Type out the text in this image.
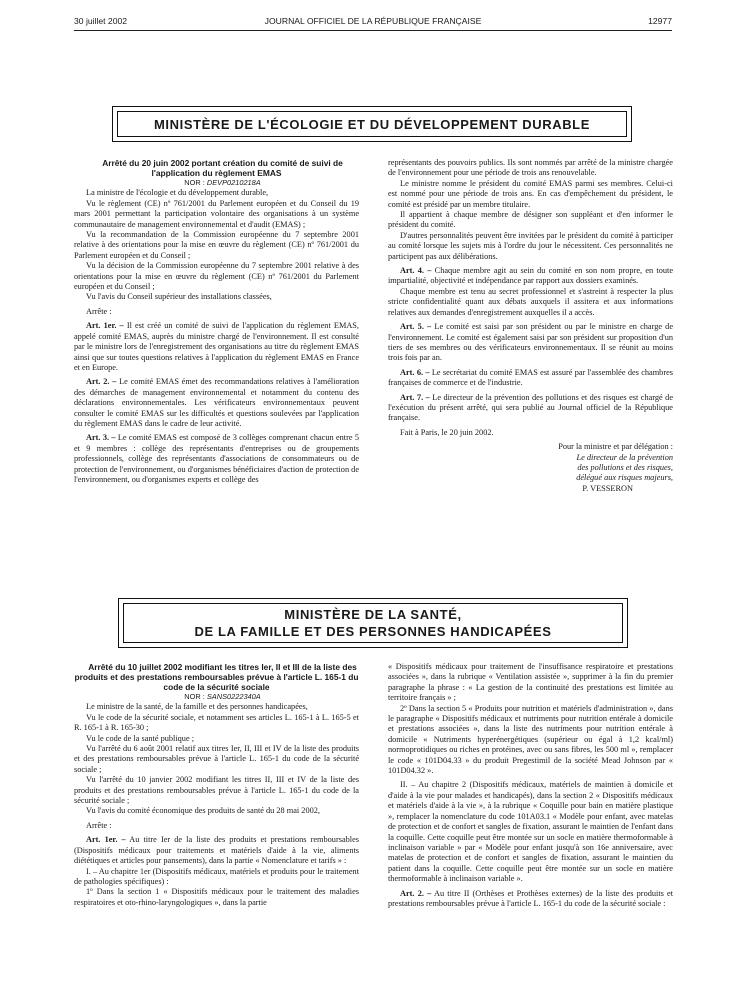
30 juillet 2002	JOURNAL OFFICIEL DE LA RÉPUBLIQUE FRANÇAISE	12977
MINISTÈRE DE L'ÉCOLOGIE ET DU DÉVELOPPEMENT DURABLE

Arrêté du 20 juin 2002 portant création du comité de suivi de l'application du règlement EMAS

NOR : DEVP0210218A

La ministre de l'écologie et du développement durable,

Vu le règlement (CE) nº 761/2001 du Parlement européen et du Conseil du 19 mars 2001 permettant la participation volontaire des organisations à un système communautaire de management environnemental et d'audit (EMAS) ;

Vu la recommandation de la Commission européenne du 7 septembre 2001 relative à des orientations pour la mise en œuvre du règlement (CE) nº 761/2001 du Parlement européen et du Conseil ;

Vu la décision de la Commission européenne du 7 septembre 2001 relative à des orientations pour la mise en œuvre du règlement (CE) nº 761/2001 du Parlement européen et du Conseil ;

Vu l'avis du Conseil supérieur des installations classées,

Arrête :

Art. 1er. – Il est créé un comité de suivi de l'application du règlement EMAS, appelé comité EMAS, auprès du ministre chargé de l'environnement. Il est consulté par le ministre lors de l'enregistrement des organisations au titre du règlement EMAS ainsi que sur toutes questions relatives à l'application du règlement EMAS en France et en Europe.

Art. 2. – Le comité EMAS émet des recommandations relatives à l'amélioration des démarches de management environnemental et notamment du contenu des déclarations environnementales. Les vérificateurs environnementaux peuvent consulter le comité EMAS sur les difficultés et questions soulevées par l'application du règlement EMAS dans le cadre de leur activité.

Art. 3. – Le comité EMAS est composé de 3 collèges comprenant chacun entre 5 et 9 membres : collège des représentants d'entreprises ou de groupements professionnels, collège des représentants d'associations de consommateurs ou de protection de l'environnement, ou d'organismes bénéficiaires d'action de protection de l'environnement, ou d'organismes experts et collège des

représentants des pouvoirs publics. Ils sont nommés par arrêté de la ministre chargée de l'environnement pour une période de trois ans renouvelable.

Le ministre nomme le président du comité EMAS parmi ses membres. Celui-ci est nommé pour une période de trois ans. En cas d'empêchement du président, le comité est présidé par un membre titulaire.

Il appartient à chaque membre de désigner son suppléant et d'en informer le président du comité.

D'autres personnalités peuvent être invitées par le président du comité à participer au comité lorsque les sujets mis à l'ordre du jour le nécessitent. Ces personnalités ne participent pas aux délibérations.

Art. 4. – Chaque membre agit au sein du comité en son nom propre, en toute impartialité, objectivité et indépendance par rapport aux dossiers examinés.

Chaque membre est tenu au secret professionnel et s'astreint à respecter la plus stricte confidentialité quant aux débats auxquels il assitera et aux informations relatives aux demandes d'enregistrement auxquelles il a accès.

Art. 5. – Le comité est saisi par son président ou par le ministre en charge de l'environnement. Le comité est également saisi par son président sur proposition d'un tiers de ses membres ou des vérificateurs environnementaux. Il se réunit au moins trois fois par an.

Art. 6. – Le secrétariat du comité EMAS est assuré par l'assemblée des chambres françaises de commerce et de l'industrie.

Art. 7. – Le directeur de la prévention des pollutions et des risques est chargé de l'exécution du présent arrêté, qui sera publié au Journal officiel de la République française.

Fait à Paris, le 20 juin 2002.

Pour la ministre et par délégation :

Le directeur de la prévention

des pollutions et des risques,

délégué aux risques majeurs,

P. VESSERON

MINISTÈRE DE LA SANTÉ,
DE LA FAMILLE ET DES PERSONNES HANDICAPÉES

Arrêté du 10 juillet 2002 modifiant les titres Ier, II et III de la liste des produits et des prestations remboursables prévue à l'article L. 165-1 du code de la sécurité sociale

NOR : SANS0222340A

Le ministre de la santé, de la famille et des personnes handicapées,

Vu le code de la sécurité sociale, et notamment ses articles L. 165-1 à L. 165-5 et R. 165-1 à R. 165-30 ;

Vu le code de la santé publique ;

Vu l'arrêté du 6 août 2001 relatif aux titres Ier, II, III et IV de la liste des produits et des prestations remboursables prévue à l'article L. 165-1 du code de la sécurité sociale ;

Vu l'arrêté du 10 janvier 2002 modifiant les titres II, III et IV de la liste des produits et des prestations remboursables prévue à l'article L. 165-1 du code de la sécurité sociale ;

Vu l'avis du comité économique des produits de santé du 28 mai 2002,

Arrête :

Art. 1er. – Au titre Ier de la liste des produits et prestations remboursables (Dispositifs médicaux pour traitements et matériels d'aide à la vie, aliments diététiques et articles pour pansements), dans la partie « Nomenclature et tarifs » :

I. – Au chapitre 1er (Dispositifs médicaux, matériels et produits pour le traitement de pathologies spécifiques) :

1º Dans la section 1 « Dispositifs médicaux pour le traitement des maladies respiratoires et oto-rhino-laryngologiques », dans la partie

« Dispositifs médicaux pour traitement de l'insuffisance respiratoire et prestations associées », dans la rubrique « Ventilation assistée », supprimer à la fin du premier paragraphe la phrase : « La gestion de la continuité des prestations est limitée au territoire français » ;

2º Dans la section 5 « Produits pour nutrition et matériels d'administration », dans le paragraphe « Dispositifs médicaux et nutriments pour nutrition entérale à domicile et prestations associées », dans la liste des nutriments pour nutrition entérale à domicile « Nutriments hyperénergétiques (supérieur ou égal à 1,2 kcal/ml) normoprotidiques ou riches en protéines, avec ou sans fibres, les 500 ml », remplacer le code « 101D04.33 » du produit Pregestimil de la société Mead Johnson par « 101D04.32 ».

II. – Au chapitre 2 (Dispositifs médicaux, matériels de maintien à domicile et d'aide à la vie pour malades et handicapés), dans la section 2 « Dispositifs médicaux et matériels d'aide à la vie », à la rubrique « Coquille pour bain en matière plastique », remplacer la nomenclature du code 101A03.1 « Modèle pour enfant, avec matelas de protection et de confort et sangles de fixation, assurant le maintien de l'enfant dans la coquille. Cette coquille peut être montée sur un socle en matière thermoformable à inclinaison variable » par « Modèle pour enfant jusqu'à son 16e anniversaire, avec matelas de protection et de confort et sangles de fixation, assurant le maintien du patient dans la coquille. Cette coquille peut être montée sur un socle en matière thermoformable à inclinaison variable ».

Art. 2. – Au titre II (Orthèses et Prothèses externes) de la liste des produits et prestations remboursables prévue à l'article L. 165-1 du code de la sécurité sociale :
